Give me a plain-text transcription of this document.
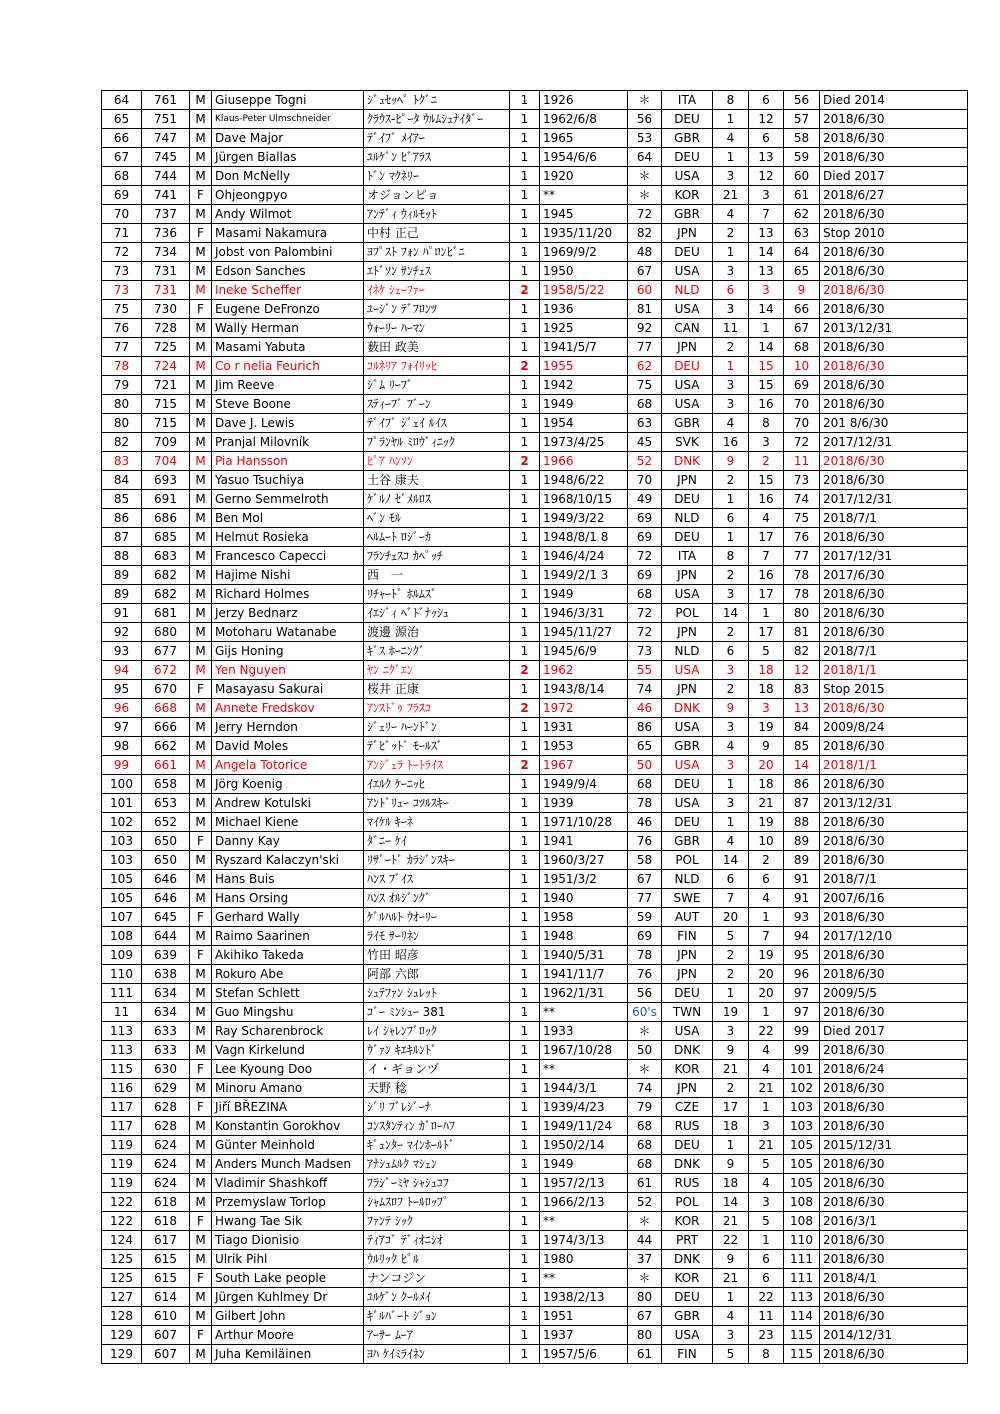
64	761	M	Giuseppe Togni	ｼﾞｭｾｯﾍﾟ ﾄｸﾞﾆ	1	1926	＊	ITA	8	6	56	Died 2014
65	751	M	Klaus-Peter Ulmschneider	ｸﾗｳｽ-ﾋﾟｰﾀ ｳﾙﾑｼｭﾅｲﾀﾞｰ	1	1962/6/8	56	DEU	1	12	57	2018/6/30
66	747	M	Dave Major	ﾃﾞｲﾌﾞ ﾒｲｱｰ	1	1965	53	GBR	4	6	58	2018/6/30
67	745	M	Jürgen Biallas	ﾕﾙｹﾞﾝ ﾋﾞｱﾗｽ	1	1954/6/6	64	DEU	1	13	59	2018/6/30
68	744	M	Don McNelly	ﾄﾞﾝ ﾏｸﾈﾘｰ	1	1920	＊	USA	3	12	60	Died 2017
69	741	F	Ohjeongpyo	オジョンピョ	1	**	＊	KOR	21	3	61	2018/6/27
70	737	M	Andy Wilmot	ｱﾝﾃﾞｨ ｳｨﾙﾓｯﾄ	1	1945	72	GBR	4	7	62	2018/6/30
71	736	F	Masami Nakamura	中村 正己	1	1935/11/20	82	JPN	2	13	63	Stop 2010
72	734	M	Jobst von Palombini	ﾖﾌﾟｽﾄ ﾌｫﾝ ﾊﾟﾛﾝﾋﾞﾆ	1	1969/9/2	48	DEU	1	14	64	2018/6/30
73	731	M	Edson Sanches	ｴﾄﾞｿﾝ ｻﾝﾁｪｽ	1	1950	67	USA	3	13	65	2018/6/30
73	731	M	Ineke Scheffer	ｲﾈｹ ｼｪｰﾌｧｰ	2	1958/5/22	60	NLD	6	3	9	2018/6/30
75	730	F	Eugene DeFronzo	ﾕｰｼﾞﾝ ﾃﾞﾌﾛﾝﾂ	1	1936	81	USA	3	14	66	2018/6/30
76	728	M	Wally Herman	ｳｫｰﾘｰ ﾊｰﾏﾝ	1	1925	92	CAN	11	1	67	2013/12/31
77	725	M	Masami Yabuta	薮田 政美	1	1941/5/7	77	JPN	2	14	68	2018/6/30
78	724	M	Co r nelia Feurich	ｺﾙﾈﾘｱ ﾌｫｲﾘｯﾋ	2	1955	62	DEU	1	15	10	2018/6/30
79	721	M	Jim Reeve	ｼﾞﾑ ﾘｰﾌﾞ	1	1942	75	USA	3	15	69	2018/6/30
80	715	M	Steve Boone	ｽﾃｨｰﾌﾞ ﾌﾞｰﾝ	1	1949	68	USA	3	16	70	2018/6/30
80	715	M	Dave J. Lewis	ﾃﾞｲﾌﾞ ｼﾞｪｲ ﾙｲｽ	1	1954	63	GBR	4	8	70	201 8/6/30
82	709	M	Pranjal Milovník	ﾌﾟﾗﾝﾔﾙ ﾐﾛｳﾞｨﾆｯｸ	1	1973/4/25	45	SVK	16	3	72	2017/12/31
83	704	M	Pia Hansson	ﾋﾟｱ ﾊﾝｿﾝ	2	1966	52	DNK	9	2	11	2018/6/30
84	693	M	Yasuo Tsuchiya	土谷 康夫	1	1948/6/22	70	JPN	2	15	73	2018/6/30
85	691	M	Gerno Semmelroth	ｹﾞﾙﾉ ｾﾞﾒﾙﾛｽ	1	1968/10/15	49	DEU	1	16	74	2017/12/31
86	686	M	Ben Mol	ﾍﾞﾝ ﾓﾙ	1	1949/3/22	69	NLD	6	4	75	2018/7/1
87	685	M	Helmut Rosieka	ﾍﾙﾑｰﾄ ﾛｼﾞｰｶ	1	1948/8/1 8	69	DEU	1	17	76	2018/6/30
88	683	M	Francesco Capecci	ﾌﾗﾝﾁｪｽｺ ｶﾍﾟｯﾁ	1	1946/4/24	72	ITA	8	7	77	2017/12/31
89	682	M	Hajime Nishi	西　一	1	1949/2/1 3	69	JPN	2	16	78	2017/6/30
89	682	M	Richard Holmes	ﾘﾁｬｰﾄﾞ ﾎﾙﾑｽﾞ	1	1949	68	USA	3	17	78	2018/6/30
91	681	M	Jerzy Bednarz	ｲｴｼﾞｨ ﾍﾞﾄﾞﾅｯｼｭ	1	1946/3/31	72	POL	14	1	80	2018/6/30
92	680	M	Motoharu Watanabe	渡邊 源治	1	1945/11/27	72	JPN	2	17	81	2018/6/30
93	677	M	Gijs Honing	ｷﾞｽ ﾎｰﾆﾝｸﾞ	1	1945/6/9	73	NLD	6	5	82	2018/7/1
94	672	M	Yen Nguyen	ﾔﾝ ﾆｸﾞｴﾝ	2	1962	55	USA	3	18	12	2018/1/1
95	670	F	Masayasu Sakurai	桜井 正康	1	1943/8/14	74	JPN	2	18	83	Stop 2015
96	668	M	Annete Fredskov	ｱﾝｽﾄﾞｩ ﾌﾗｽｺ	2	1972	46	DNK	9	3	13	2018/6/30
97	666	M	Jerry Herndon	ｼﾞｪﾘｰ ﾊｰﾝﾄﾞﾝ	1	1931	86	USA	3	19	84	2009/8/24
98	662	M	David Moles	ﾃﾞﾋﾞｯﾄﾞ ﾓｰﾙｽﾞ	1	1953	65	GBR	4	9	85	2018/6/30
99	661	M	Angela Totorice	ｱﾝｼﾞｪﾗ ﾄｰﾄﾗｲｽ	2	1967	50	USA	3	20	14	2018/1/1
100	658	M	Jörg Koenig	ｲｴﾙｸ ｹｰﾆｯﾋ	1	1949/9/4	68	DEU	1	18	86	2018/6/30
101	653	M	Andrew Kotulski	ｱﾝﾄﾞﾘｭｰ ｺﾂﾙｽｷｰ	1	1939	78	USA	3	21	87	2013/12/31
102	652	M	Michael Kiene	ﾏｲｹﾙ ｷｰﾈ	1	1971/10/28	46	DEU	1	19	88	2018/6/30
103	650	F	Danny Kay	ﾀﾞﾆｰ ｹｲ	1	1941	76	GBR	4	10	89	2018/6/30
103	650	M	Ryszard Kalaczyn'ski	ﾘｻﾞｰﾄﾞ ｶﾗｼﾞﾝｽｷｰ	1	1960/3/27	58	POL	14	2	89	2018/6/30
105	646	M	Hans Buis	ﾊﾝｽ ﾌﾞｲｽ	1	1951/3/2	67	NLD	6	6	91	2018/7/1
105	646	M	Hans Orsing	ﾊﾝｽ ｵﾙｼﾞﾝｸﾞ	1	1940	77	SWE	7	4	91	2007/6/16
107	645	F	Gerhard Wally	ｹﾞﾙﾊﾙﾄ ｳｵｰﾘｰ	1	1958	59	AUT	20	1	93	2018/6/30
108	644	M	Raimo Saarinen	ﾗｲﾓ ｻｰﾘﾈﾝ	1	1948	69	FIN	5	7	94	2017/12/10
109	639	F	Akihiko Takeda	竹田 昭彦	1	1940/5/31	78	JPN	2	19	95	2018/6/30
110	638	M	Rokuro Abe	阿部 六郎	1	1941/11/7	76	JPN	2	20	96	2018/6/30
111	634	M	Stefan Schlett	ｼｭﾃﾌｧﾝ ｼｭﾚｯﾄ	1	1962/1/31	56	DEU	1	20	97	2009/5/5
11	634	M	Guo Mingshu	ｺﾞｰ ﾐﾝｼｭｰ 381	1	**	60's	TWN	19	1	97	2018/6/30
113	633	M	Ray Scharenbrock	ﾚｲ ｼｬﾚﾝﾌﾞﾛｯｸ	1	1933	＊	USA	3	22	99	Died 2017
113	633	M	Vagn Kirkelund	ｳﾞｧﾝ ｷｴｷﾙﾝﾄﾞ	1	1967/10/28	50	DNK	9	4	99	2018/6/30
115	630	F	Lee Kyoung Doo	イ・ギョンヅ	1	**	＊	KOR	21	4	101	2018/6/24
116	629	M	Minoru Amano	天野 稔	1	1944/3/1	74	JPN	2	21	102	2018/6/30
117	628	F	Jiří BŘEZINA	ｼﾞﾘ ﾌﾞﾚｼﾞｰﾅ	1	1939/4/23	79	CZE	17	1	103	2018/6/30
117	628	M	Konstantin Gorokhov	ｺﾝｽﾀﾝﾃｨﾝ ｶﾞﾛｰﾊﾌ	1	1949/11/24	68	RUS	18	3	103	2018/6/30
119	624	M	Günter Meinhold	ｷﾞｭﾝﾀｰ ﾏｲﾝﾎｰﾙﾄﾞ	1	1950/2/14	68	DEU	1	21	105	2015/12/31
119	624	M	Anders Munch Madsen	ｱﾅｼｭﾑﾙｸ ﾏｼｪﾝ	1	1949	68	DNK	9	5	105	2018/6/30
119	624	M	Vladimir Shashkoff	ﾌﾗｼﾞｰﾐﾔ ｼｬｼｭｺﾌ	1	1957/2/13	61	RUS	18	4	105	2018/6/30
122	618	M	Przemyslaw Torlop	ｼｬﾑｽﾛﾌ ﾄｰﾙﾛｯﾌﾟ	1	1966/2/13	52	POL	14	3	108	2018/6/30
122	618	F	Hwang Tae Sik	ﾌｧﾝﾃ ｼｯｸ	1	**	＊	KOR	21	5	108	2016/3/1
124	617	M	Tiago Dionisio	ﾃｨｱｺﾞ ﾃﾞｨｵﾆｼｵ	1	1974/3/13	44	PRT	22	1	110	2018/6/30
125	615	M	Ulrik Pihl	ｳﾙﾘｯｸ ﾋﾟﾙ	1	1980	37	DNK	9	6	111	2018/6/30
125	615	F	South Lake people	ナンコジン	1	**	＊	KOR	21	6	111	2018/4/1
127	614	M	Jürgen Kuhlmey Dr	ﾕﾙｹﾞﾝ ｸｰﾙﾒｲ	1	1938/2/13	80	DEU	1	22	113	2018/6/30
128	610	M	Gilbert John	ｷﾞﾙﾊﾞｰﾄ ｼﾞｮﾝ	1	1951	67	GBR	4	11	114	2018/6/30
129	607	F	Arthur Moore	ｱｰｻｰ ﾑｰｱ	1	1937	80	USA	3	23	115	2014/12/31
129	607	M	Juha Kemiläinen	ﾖﾊ ｹｲﾐﾗｲﾈﾝ	1	1957/5/6	61	FIN	5	8	115	2018/6/30
